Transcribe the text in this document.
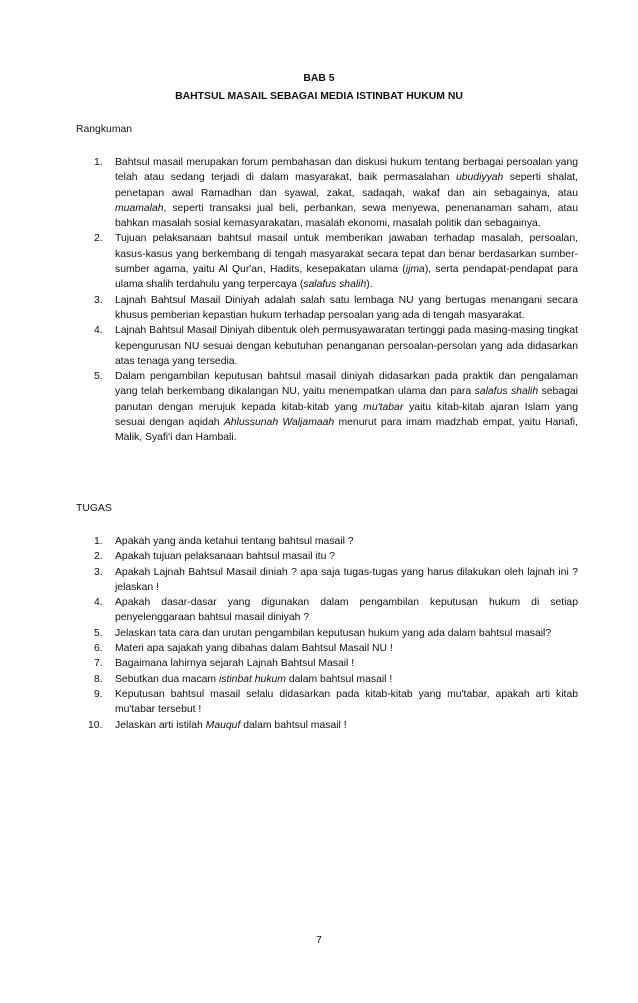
BAB 5
BAHTSUL MASAIL SEBAGAI MEDIA ISTINBAT HUKUM NU
Rangkuman
1. Bahtsul masail merupakan forum pembahasan dan diskusi hukum tentang berbagai persoalan yang telah atau sedang terjadi di dalam masyarakat, baik permasalahan ubudiyyah seperti shalat, penetapan awal Ramadhan dan syawal, zakat, sadaqah, wakaf dan ain sebagainya, atau muamalah, seperti transaksi jual beli, perbankan, sewa menyewa, penenanaman saham, atau bahkan masalah sosial kemasyarakatan, masalah ekonomi, masalah politik dan sebagainya.
2. Tujuan pelaksanaan bahtsul masail untuk memberikan jawaban terhadap masalah, persoalan, kasus-kasus yang berkembang di tengah masyarakat secara tepat dan benar berdasarkan sumber-sumber agama, yaitu Al Qur'an, Hadits, kesepakatan ulama (ijma), serta pendapat-pendapat para ulama shalih terdahulu yang terpercaya (salafus shalih).
3. Lajnah Bahtsul Masail Diniyah adalah salah satu lembaga NU yang bertugas menangani secara khusus pemberian kepastian hukum terhadap persoalan yang ada di tengah masyarakat.
4. Lajnah Bahtsul Masail Diniyah dibentuk oleh permusyawaratan tertinggi pada masing-masing tingkat kepengurusan NU sesuai dengan kebutuhan penanganan persoalan-persolan yang ada didasarkan atas tenaga yang tersedia.
5. Dalam pengambilan keputusan bahtsul masail diniyah didasarkan pada praktik dan pengalaman yang telah berkembang dikalangan NU, yaitu menempatkan ulama dan para salafus shalih sebagai panutan dengan merujuk kepada kitab-kitab yang mu'tabar yaitu kitab-kitab ajaran Islam yang sesuai dengan aqidah Ahlussunah Waljamaah menurut para imam madzhab empat, yaitu Hanafi, Malik, Syafi'i dan Hambali.
TUGAS
1. Apakah yang anda ketahui tentang bahtsul masail ?
2. Apakah tujuan pelaksanaan bahtsul masail itu ?
3. Apakah Lajnah Bahtsul Masail diniah ? apa saja tugas-tugas yang harus dilakukan oleh lajnah ini ? jelaskan !
4. Apakah dasar-dasar yang digunakan dalam pengambilan keputusan hukum di setiap penyelenggaraan bahtsul masail diniyah ?
5. Jelaskan tata cara dan urutan pengambilan keputusan hukum yang ada dalam bahtsul masail?
6. Materi apa sajakah yang dibahas dalam Bahtsul Masail NU !
7. Bagaimana lahirnya sejarah Lajnah Bahtsul Masail !
8. Sebutkan dua macam istinbat hukum dalam bahtsul masail !
9. Keputusan bahtsul masail selalu didasarkan pada kitab-kitab yang mu'tabar, apakah arti kitab mu'tabar tersebut !
10. Jelaskan arti istilah Mauquf dalam bahtsul masail !
7
